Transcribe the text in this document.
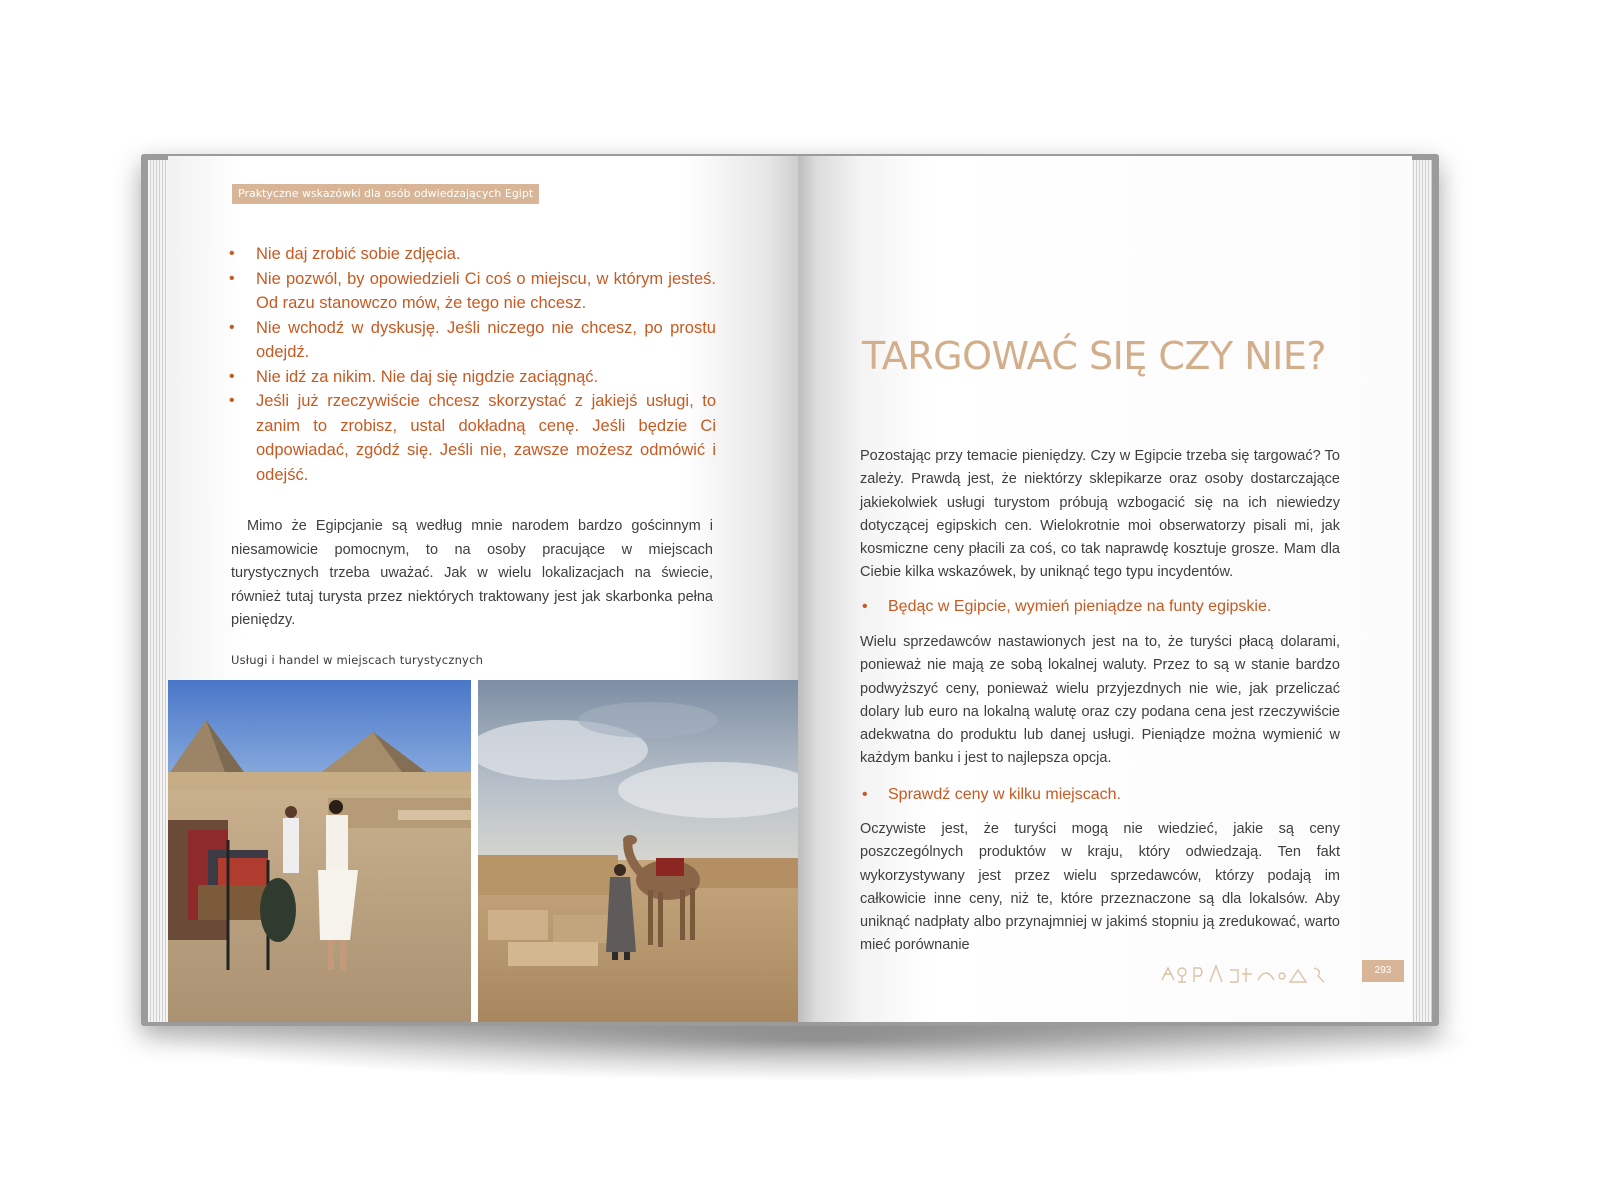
Praktyczne wskazówki dla osób odwiedzających Egipt
• Nie daj zrobić sobie zdjęcia.
• Nie pozwól, by opowiedzieli Ci coś o miejscu, w którym jesteś. Od razu stanowczo mów, że tego nie chcesz.
• Nie wchodź w dyskusję. Jeśli niczego nie chcesz, po prostu odejdź.
• Nie idź za nikim. Nie daj się nigdzie zaciągnąć.
• Jeśli już rzeczywiście chcesz skorzystać z jakiejś usługi, to zanim to zrobisz, ustal dokładną cenę. Jeśli będzie Ci odpowiadać, zgódź się. Jeśli nie, zawsze możesz odmówić i odejść.

Mimo że Egipcjanie są według mnie narodem bardzo gościnnym i niesamowicie pomocnym, to na osoby pracujące w miejscach turystycznych trzeba uważać. Jak w wielu lokalizacjach na świecie, również tutaj turysta przez niektórych traktowany jest jak skarbonka pełna pieniędzy.

Usługi i handel w miejscach turystycznych
TARGOWAĆ SIĘ CZY NIE?

Pozostając przy temacie pieniędzy. Czy w Egipcie trzeba się targować? To zależy. Prawdą jest, że niektórzy sklepikarze oraz osoby dostarczające jakiekolwiek usługi turystom próbują wzbogacić się na ich niewiedzy dotyczącej egipskich cen. Wielokrotnie moi obserwatorzy pisali mi, jak kosmiczne ceny płacili za coś, co tak naprawdę kosztuje grosze. Mam dla Ciebie kilka wskazówek, by uniknąć tego typu incydentów.

• Będąc w Egipcie, wymień pieniądze na funty egipskie.

Wielu sprzedawców nastawionych jest na to, że turyści płacą dolarami, ponieważ nie mają ze sobą lokalnej waluty. Przez to są w stanie bardzo podwyższyć ceny, ponieważ wielu przyjezdnych nie wie, jak przeliczać dolary lub euro na lokalną walutę oraz czy podana cena jest rzeczywiście adekwatna do produktu lub danej usługi. Pieniądze można wymienić w każdym banku i jest to najlepsza opcja.

• Sprawdź ceny w kilku miejscach.

Oczywiste jest, że turyści mogą nie wiedzieć, jakie są ceny poszczególnych produktów w kraju, który odwiedzają. Ten fakt wykorzystywany jest przez wielu sprzedawców, którzy podają im całkowicie inne ceny, niż te, które przeznaczone są dla lokalsów. Aby uniknąć nadpłaty albo przynajmniej w jakimś stopniu ją zredukować, warto mieć porównanie

293
